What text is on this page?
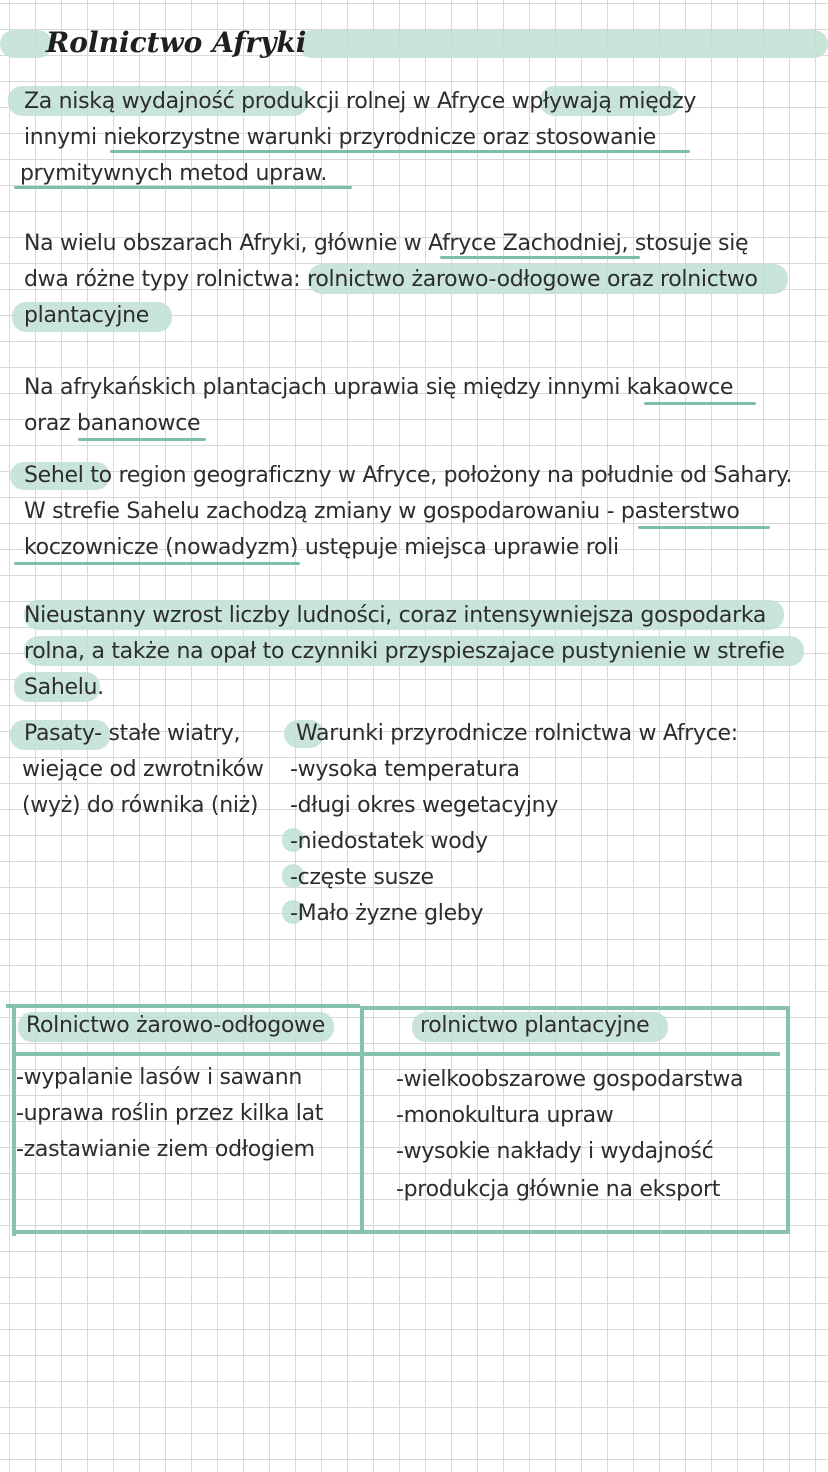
Rolnictwo Afryki
Za niską wydajność produkcji rolnej w Afryce wpływają między
innymi niekorzystne warunki przyrodnicze oraz stosowanie
prymitywnych metod upraw.
Na wielu obszarach Afryki, głównie w Afryce Zachodniej, stosuje się
dwa różne typy rolnictwa: rolnictwo żarowo-odłogowe oraz rolnictwo
plantacyjne
Na afrykańskich plantacjach uprawia się między innymi kakaowce
oraz bananowce
Sehel to region geograficzny w Afryce, położony na południe od Sahary.
W strefie Sahelu zachodzą zmiany w gospodarowaniu - pasterstwo
koczownicze (nowadyzm) ustępuje miejsca uprawie roli
Nieustanny wzrost liczby ludności, coraz intensywniejsza gospodarka
rolna, a także na opał to czynniki przyspieszajace pustynienie w strefie
Sahelu.
Pasaty- stałe wiatry,
wiejące od zwrotników
(wyż) do równika (niż)
Warunki przyrodnicze rolnictwa w Afryce:
-wysoka temperatura
-długi okres wegetacyjny
-niedostatek wody
-częste susze
-Mało żyzne gleby
Rolnictwo żarowo-odłogowe	rolnictwo plantacyjne
-wypalanie lasów i sawann
-uprawa roślin przez kilka lat
-zastawianie ziem odłogiem
-wielkoobszarowe gospodarstwa
-monokultura upraw
-wysokie nakłady i wydajność
-produkcja głównie na eksport
